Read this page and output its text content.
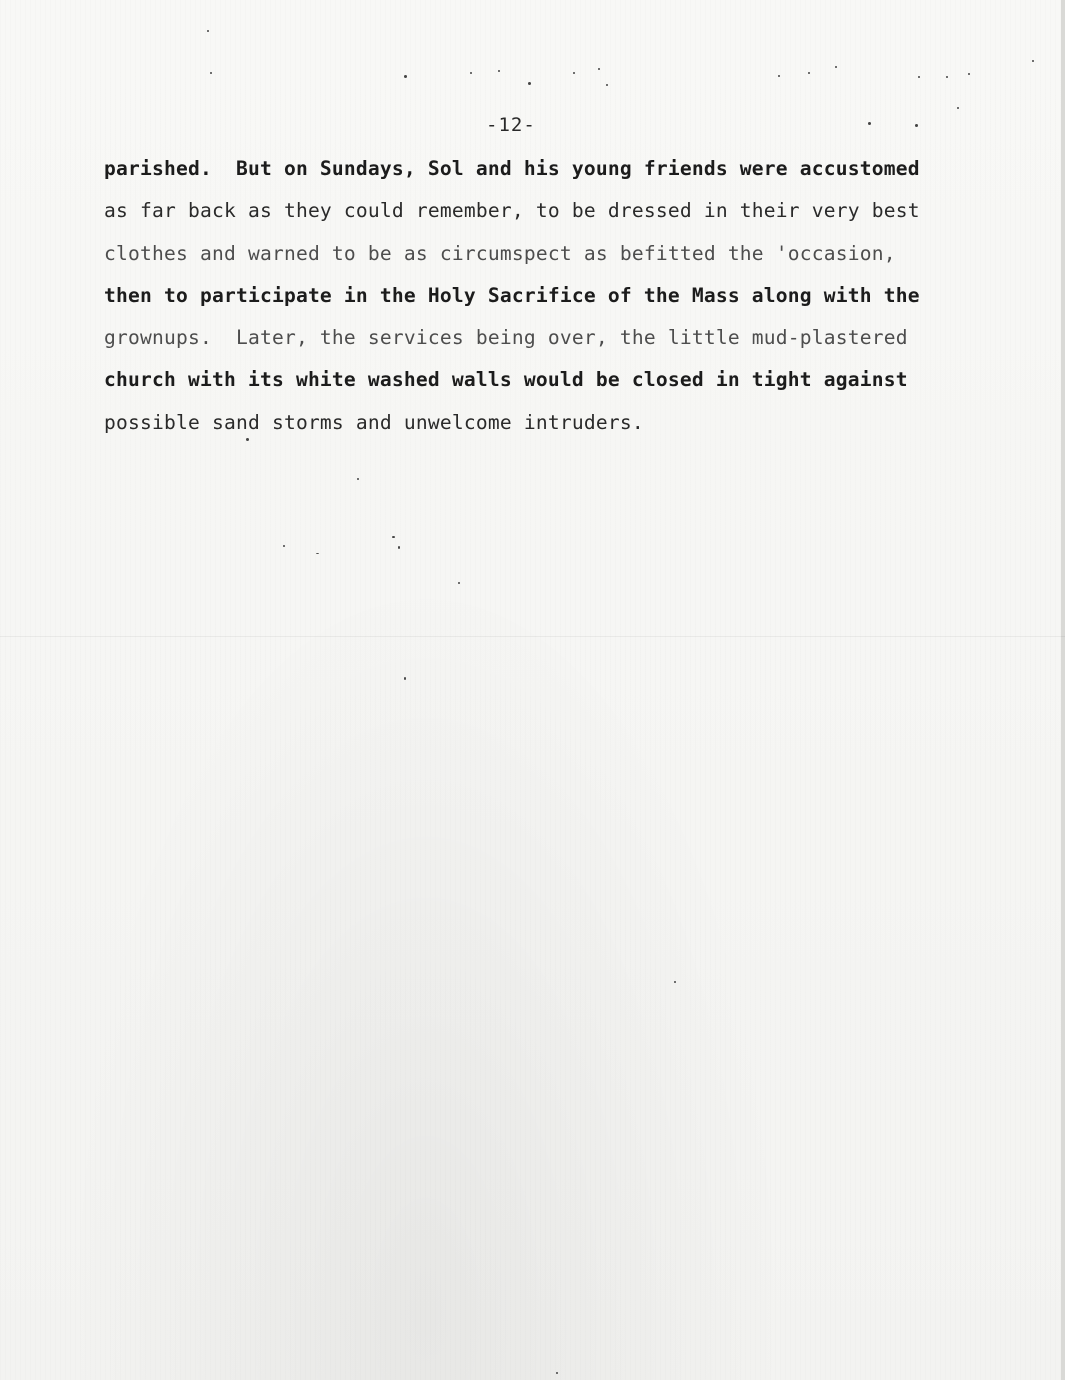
-12-
parished.  But on Sundays, Sol and his young friends were accustomed
as far back as they could remember, to be dressed in their very best
clothes and warned to be as circumspect as befitted the 'occasion,
then to participate in the Holy Sacrifice of the Mass along with the
grownups.  Later, the services being over, the little mud-plastered
church with its white washed walls would be closed in tight against
possible sand storms and unwelcome intruders.
